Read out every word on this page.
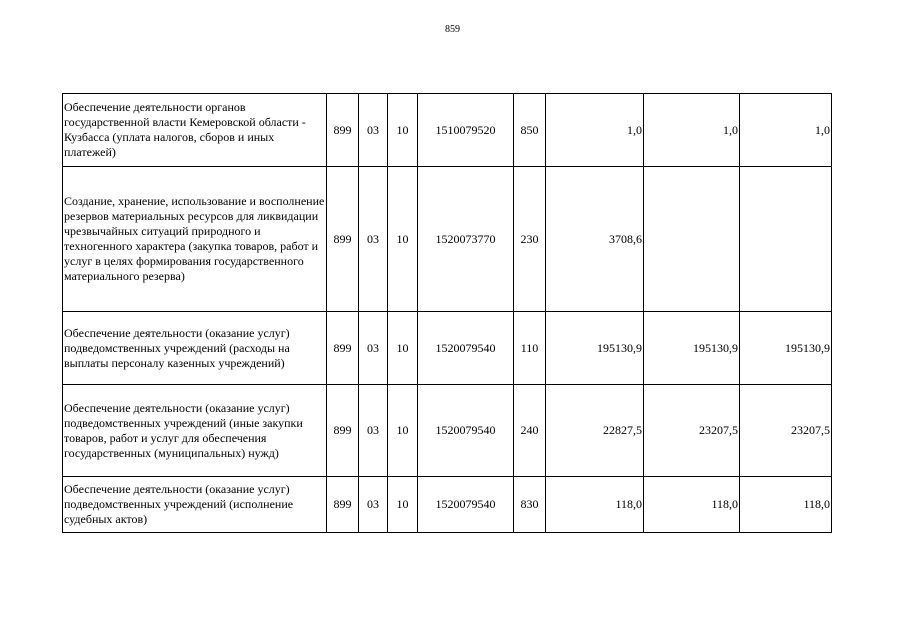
859
Обеспечение деятельности органов государственной власти Кемеровской области - Кузбасса (уплата налогов, сборов и иных платежей)	899	03	10	1510079520	850	1,0	1,0	1,0
Создание, хранение, использование и восполнение резервов материальных ресурсов для ликвидации чрезвычайных ситуаций природного и техногенного характера (закупка товаров, работ и услуг в целях формирования государственного материального резерва)	899	03	10	1520073770	230	3708,6		
Обеспечение деятельности (оказание услуг) подведомственных учреждений (расходы на выплаты персоналу казенных учреждений)	899	03	10	1520079540	110	195130,9	195130,9	195130,9
Обеспечение деятельности (оказание услуг) подведомственных учреждений (иные закупки товаров, работ и услуг для обеспечения государственных (муниципальных) нужд)	899	03	10	1520079540	240	22827,5	23207,5	23207,5
Обеспечение деятельности (оказание услуг) подведомственных учреждений (исполнение судебных актов)	899	03	10	1520079540	830	118,0	118,0	118,0
